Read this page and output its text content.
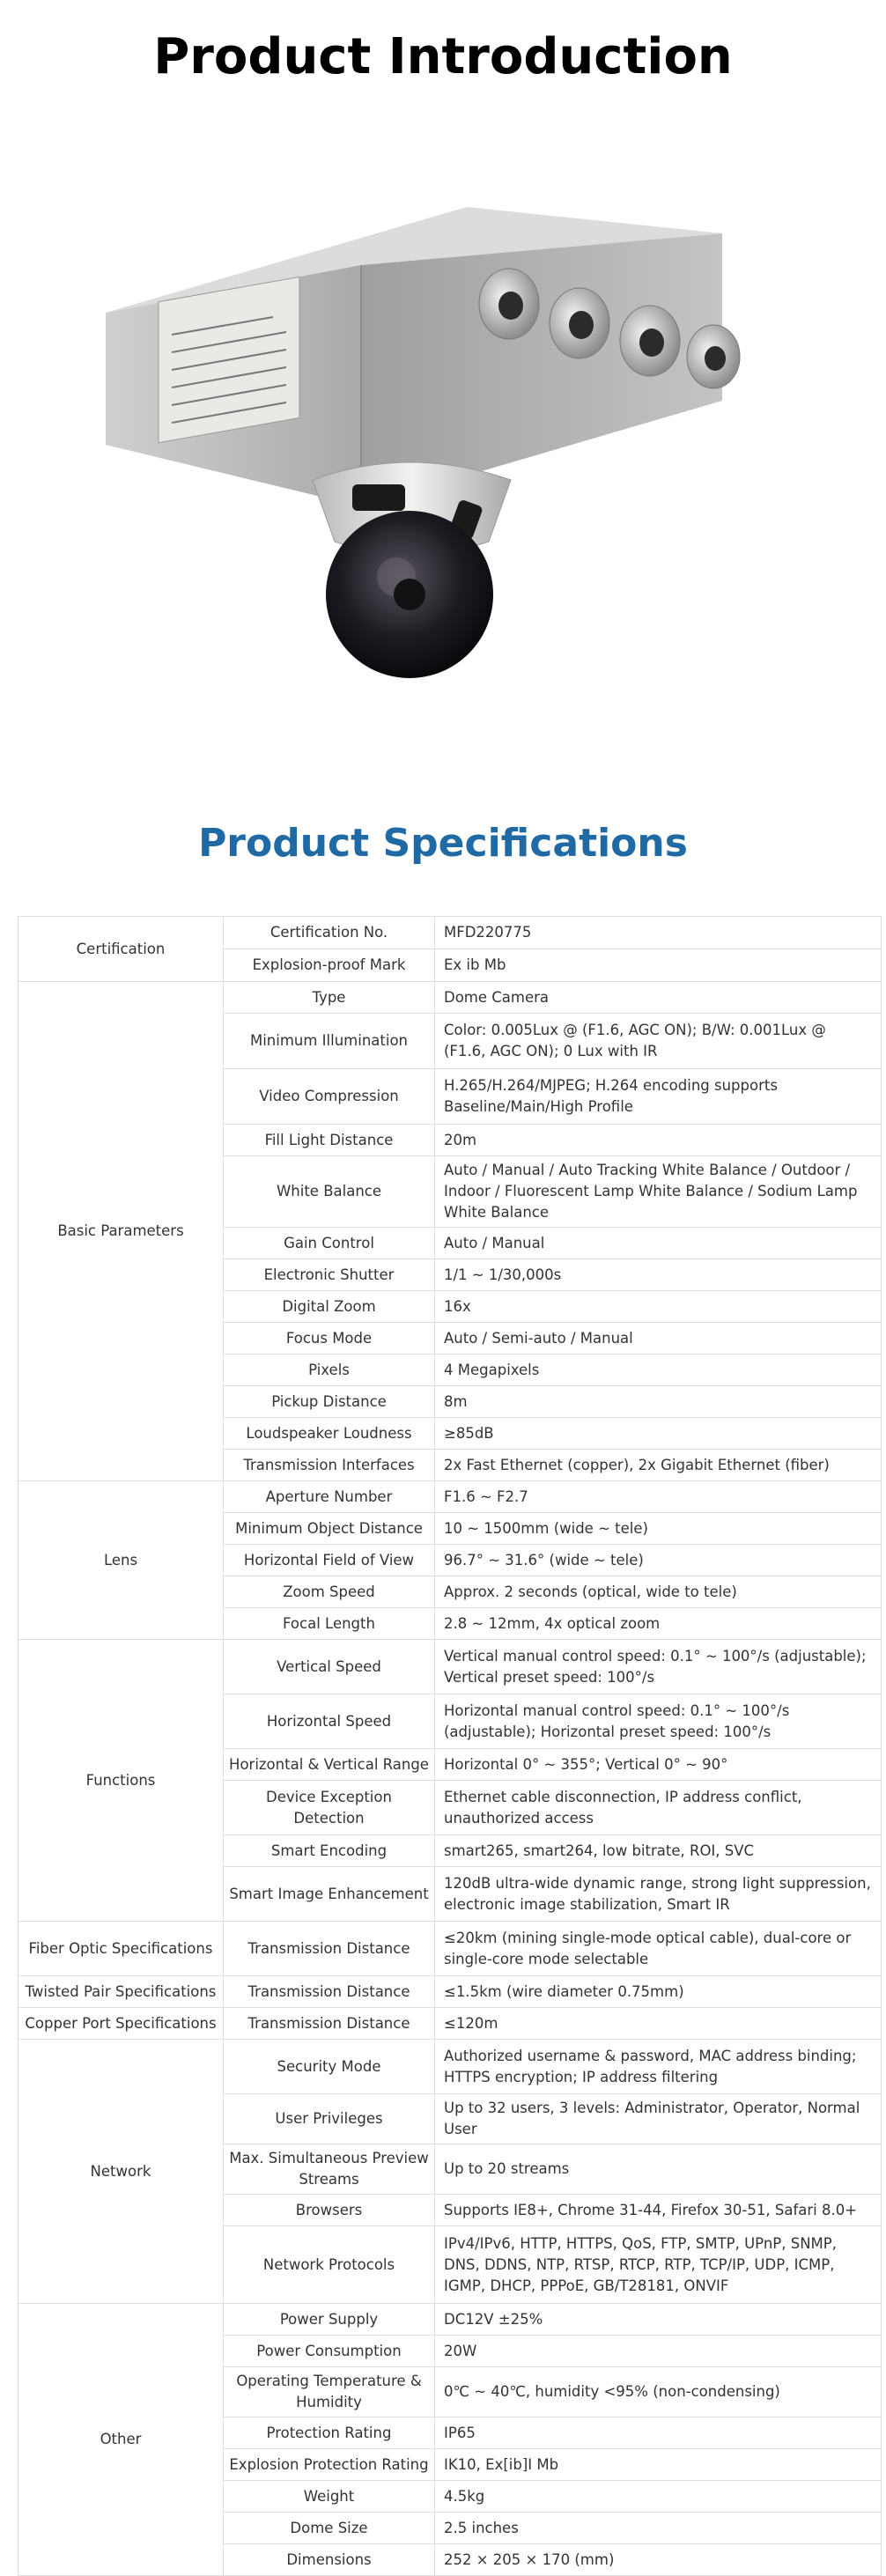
Product Introduction
Product Specifications
Certification	Certification No.	MFD220775
	Explosion-proof Mark	Ex ib Mb
Basic Parameters	Type	Dome Camera
	Minimum Illumination	Color: 0.005Lux @ (F1.6, AGC ON); B/W: 0.001Lux @ (F1.6, AGC ON); 0 Lux with IR
	Video Compression	H.265/H.264/MJPEG; H.264 encoding supports Baseline/Main/High Profile
	Fill Light Distance	20m
	White Balance	Auto / Manual / Auto Tracking White Balance / Outdoor / Indoor / Fluorescent Lamp White Balance / Sodium Lamp White Balance
	Gain Control	Auto / Manual
	Electronic Shutter	1/1 ~ 1/30,000s
	Digital Zoom	16x
	Focus Mode	Auto / Semi-auto / Manual
	Pixels	4 Megapixels
	Pickup Distance	8m
	Loudspeaker Loudness	≥85dB
	Transmission Interfaces	2x Fast Ethernet (copper), 2x Gigabit Ethernet (fiber)
Lens	Aperture Number	F1.6 ~ F2.7
	Minimum Object Distance	10 ~ 1500mm (wide ~ tele)
	Horizontal Field of View	96.7° ~ 31.6° (wide ~ tele)
	Zoom Speed	Approx. 2 seconds (optical, wide to tele)
	Focal Length	2.8 ~ 12mm, 4x optical zoom
Functions	Vertical Speed	Vertical manual control speed: 0.1° ~ 100°/s (adjustable); Vertical preset speed: 100°/s
	Horizontal Speed	Horizontal manual control speed: 0.1° ~ 100°/s (adjustable); Horizontal preset speed: 100°/s
	Horizontal & Vertical Range	Horizontal 0° ~ 355°; Vertical 0° ~ 90°
	Device Exception Detection	Ethernet cable disconnection, IP address conflict, unauthorized access
	Smart Encoding	smart265, smart264, low bitrate, ROI, SVC
	Smart Image Enhancement	120dB ultra-wide dynamic range, strong light suppression, electronic image stabilization, Smart IR
Fiber Optic Specifications	Transmission Distance	≤20km (mining single-mode optical cable), dual-core or single-core mode selectable
Twisted Pair Specifications	Transmission Distance	≤1.5km (wire diameter 0.75mm)
Copper Port Specifications	Transmission Distance	≤120m
Network	Security Mode	Authorized username & password, MAC address binding; HTTPS encryption; IP address filtering
	User Privileges	Up to 32 users, 3 levels: Administrator, Operator, Normal User
	Max. Simultaneous Preview Streams	Up to 20 streams
	Browsers	Supports IE8+, Chrome 31-44, Firefox 30-51, Safari 8.0+
	Network Protocols	IPv4/IPv6, HTTP, HTTPS, QoS, FTP, SMTP, UPnP, SNMP, DNS, DDNS, NTP, RTSP, RTCP, RTP, TCP/IP, UDP, ICMP, IGMP, DHCP, PPPoE, GB/T28181, ONVIF
Other	Power Supply	DC12V ±25%
	Power Consumption	20W
	Operating Temperature & Humidity	0℃ ~ 40℃, humidity <95% (non-condensing)
	Protection Rating	IP65
	Explosion Protection Rating	IK10, Ex[ib]I Mb
	Weight	4.5kg
	Dome Size	2.5 inches
	Dimensions	252 × 205 × 170 (mm)
